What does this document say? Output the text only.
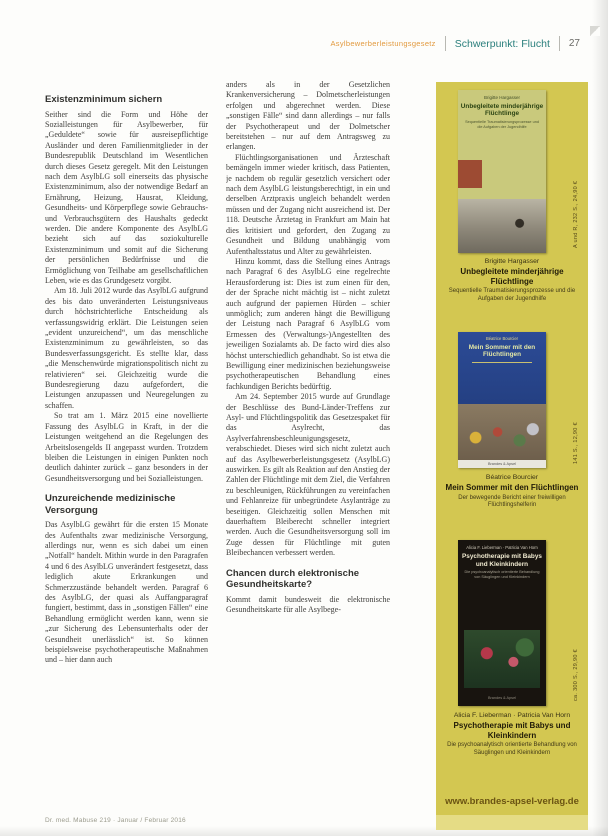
Asylbewerberleistungsgesetz Schwerpunkt: Flucht 27
Existenzminimum sichern

Seither sind die Form und Höhe der Sozialleistungen für Asylbewerber, für „Geduldete“ sowie für ausreisepflichtige Ausländer und deren Familienmitglieder in der Bundesrepublik Deutschland im Wesentlichen durch dieses Gesetz geregelt. Mit den Leistungen nach dem AsylbLG soll einerseits das physische Existenzminimum, also der notwendige Bedarf an Ernährung, Heizung, Hausrat, Kleidung, Gesundheits- und Körperpflege sowie Gebrauchs- und Verbrauchsgütern des Haushalts gedeckt werden. Die andere Komponente des AsylbLG bezieht sich auf das soziokulturelle Existenzminimum und somit auf die Sicherung der persönlichen Bedürfnisse und die Ermöglichung von Teilhabe am gesellschaftlichen Leben, wie es das Grundgesetz vorgibt.

Am 18. Juli 2012 wurde das AsylbLG aufgrund des bis dato unveränderten Leistungsniveaus durch höchstrichterliche Entscheidung als verfassungswidrig erklärt. Die Leistungen seien „evident unzureichend“, um das menschliche Existenzminimum zu gewährleisten, so das Bundesverfassungsgericht. Es stellte klar, dass „die Menschenwürde migrationspolitisch nicht zu relativieren“ sei. Gleichzeitig wurde die Bundesregierung dazu aufgefordert, die Leistungen anzupassen und Neuregelungen zu schaffen.

So trat am 1. März 2015 eine novellierte Fassung des AsylbLG in Kraft, in der die Leistungen weitgehend an die Regelungen des Arbeitslosengelds II angepasst wurden. Trotzdem bleiben die Leistungen in einigen Punkten noch deutlich dahinter zurück – ganz besonders in der Gesundheitsversorgung und bei Sozialleistungen.

Unzureichende medizinische Versorgung

Das AsylbLG gewährt für die ersten 15 Monate des Aufenthalts zwar medizinische Versorgung, allerdings nur, wenn es sich dabei um einen „Notfall“ handelt. Mithin wurde in den Paragrafen 4 und 6 des AsylbLG unverändert festgesetzt, dass lediglich akute Erkrankungen und Schmerzzustände behandelt werden. Paragraf 6 des AsylbLG, der quasi als Auffangparagraf fungiert, bestimmt, dass in „sonstigen Fällen“ eine Behandlung ermöglicht werden kann, wenn sie „zur Sicherung des Lebensunterhalts oder der Gesundheit unerlässlich“ ist. So können beispielsweise psychotherapeutische Maßnahmen und – hier dann auch

anders als in der Gesetzlichen Krankenversicherung – Dolmetscherleistungen erfolgen und abgerechnet werden. Diese „sonstigen Fälle“ sind dann allerdings – nur falls der Psychotherapeut und der Dolmetscher bereitstehen – nur auf dem Antragsweg zu erlangen.

Flüchtlingsorganisationen und Ärzteschaft bemängeln immer wieder kritisch, dass Patienten, je nachdem ob regulär gesetzlich versichert oder nach dem AsylbLG leistungsberechtigt, in ein und derselben Arztpraxis ungleich behandelt werden müssen und der Zugang nicht ausreichend ist. Der 118. Deutsche Ärztetag in Frankfurt am Main hat dies kritisiert und gefordert, den Zugang zu Gesundheit und Bildung unabhängig vom Aufenthaltsstatus und Alter zu gewährleisten.

Hinzu kommt, dass die Stellung eines Antrags nach Paragraf 6 des AsylbLG eine regelrechte Herausforderung ist: Dies ist zum einen für den, der der Sprache nicht mächtig ist – nicht zuletzt auch aufgrund der papiernen Hürden – schier unmöglich; zum anderen hängt die Bewilligung der Leistung nach Paragraf 6 AsylbLG vom Ermessen des (Verwaltungs-)Angestellten des jeweiligen Sozialamts ab. De facto wird dies also höchst unterschiedlich gehandhabt. So ist etwa die Bewilligung einer medizinischen beziehungsweise psychotherapeutischen Behandlung eines fachkundigen Berichts bedürftig.

Am 24. September 2015 wurde auf Grundlage der Beschlüsse des Bund-Länder-Treffens zur Asyl- und Flüchtlingspolitik das Gesetzespaket für das Asylrecht, das Asylverfahrensbeschleunigungsgesetz, verabschiedet. Dieses wird sich nicht zuletzt auch auf das Asylbewerberleistungsgesetz (AsylbLG) auswirken. Es gilt als Reaktion auf den Anstieg der Zahlen der Flüchtlinge mit dem Ziel, die Verfahren zu beschleunigen, Rückführungen zu vereinfachen und Fehlanreize für unbegründete Asylanträge zu beseitigen. Gleichzeitig sollen Menschen mit dauerhaftem Bleiberecht schneller integriert werden. Auch die Gesundheitsversorgung soll im Zuge dessen für Flüchtlinge mit guten Bleibechancen verbessert werden.

Chancen durch elektronische Gesundheitskarte?

Kommt damit bundesweit die elektronische Gesundheitskarte für alle Asylbege-

Brigitte Hargasser
Unbegleitete minderjährige Flüchtlinge
Sequentielle Traumatisierungsprozesse und die Aufgaben der Jugendhilfe
A und R, 232 S., 24,90 €
Brigitte Hargasser
Unbegleitete minderjährige Flüchtlinge
Sequentielle Traumatisierungsprozesse und die Aufgaben der Jugendhilfe
Béatrice Bourcier
Mein Sommer mit den Flüchtlingen
Brandes & Apsel	141 S., 12,90 €
Béatrice Bourcier
Mein Sommer mit den Flüchtlingen
Der bewegende Bericht einer freiwilligen Flüchtlingshelferin
Alicia F. Lieberman · Patricia Van Horn
Psychotherapie mit Babys und Kleinkindern
Die psychoanalytisch orientierte Behandlung von Säuglingen und Kleinkindern
Brandes & Apsel	ca. 300 S., 29,90 €
Alicia F. Lieberman · Patricia Van Horn
Psychotherapie mit Babys und Kleinkindern
Die psychoanalytisch orientierte Behandlung von Säuglingen und Kleinkindern
www.brandes-apsel-verlag.de
Dr. med. Mabuse 219 · Januar / Februar 2016
